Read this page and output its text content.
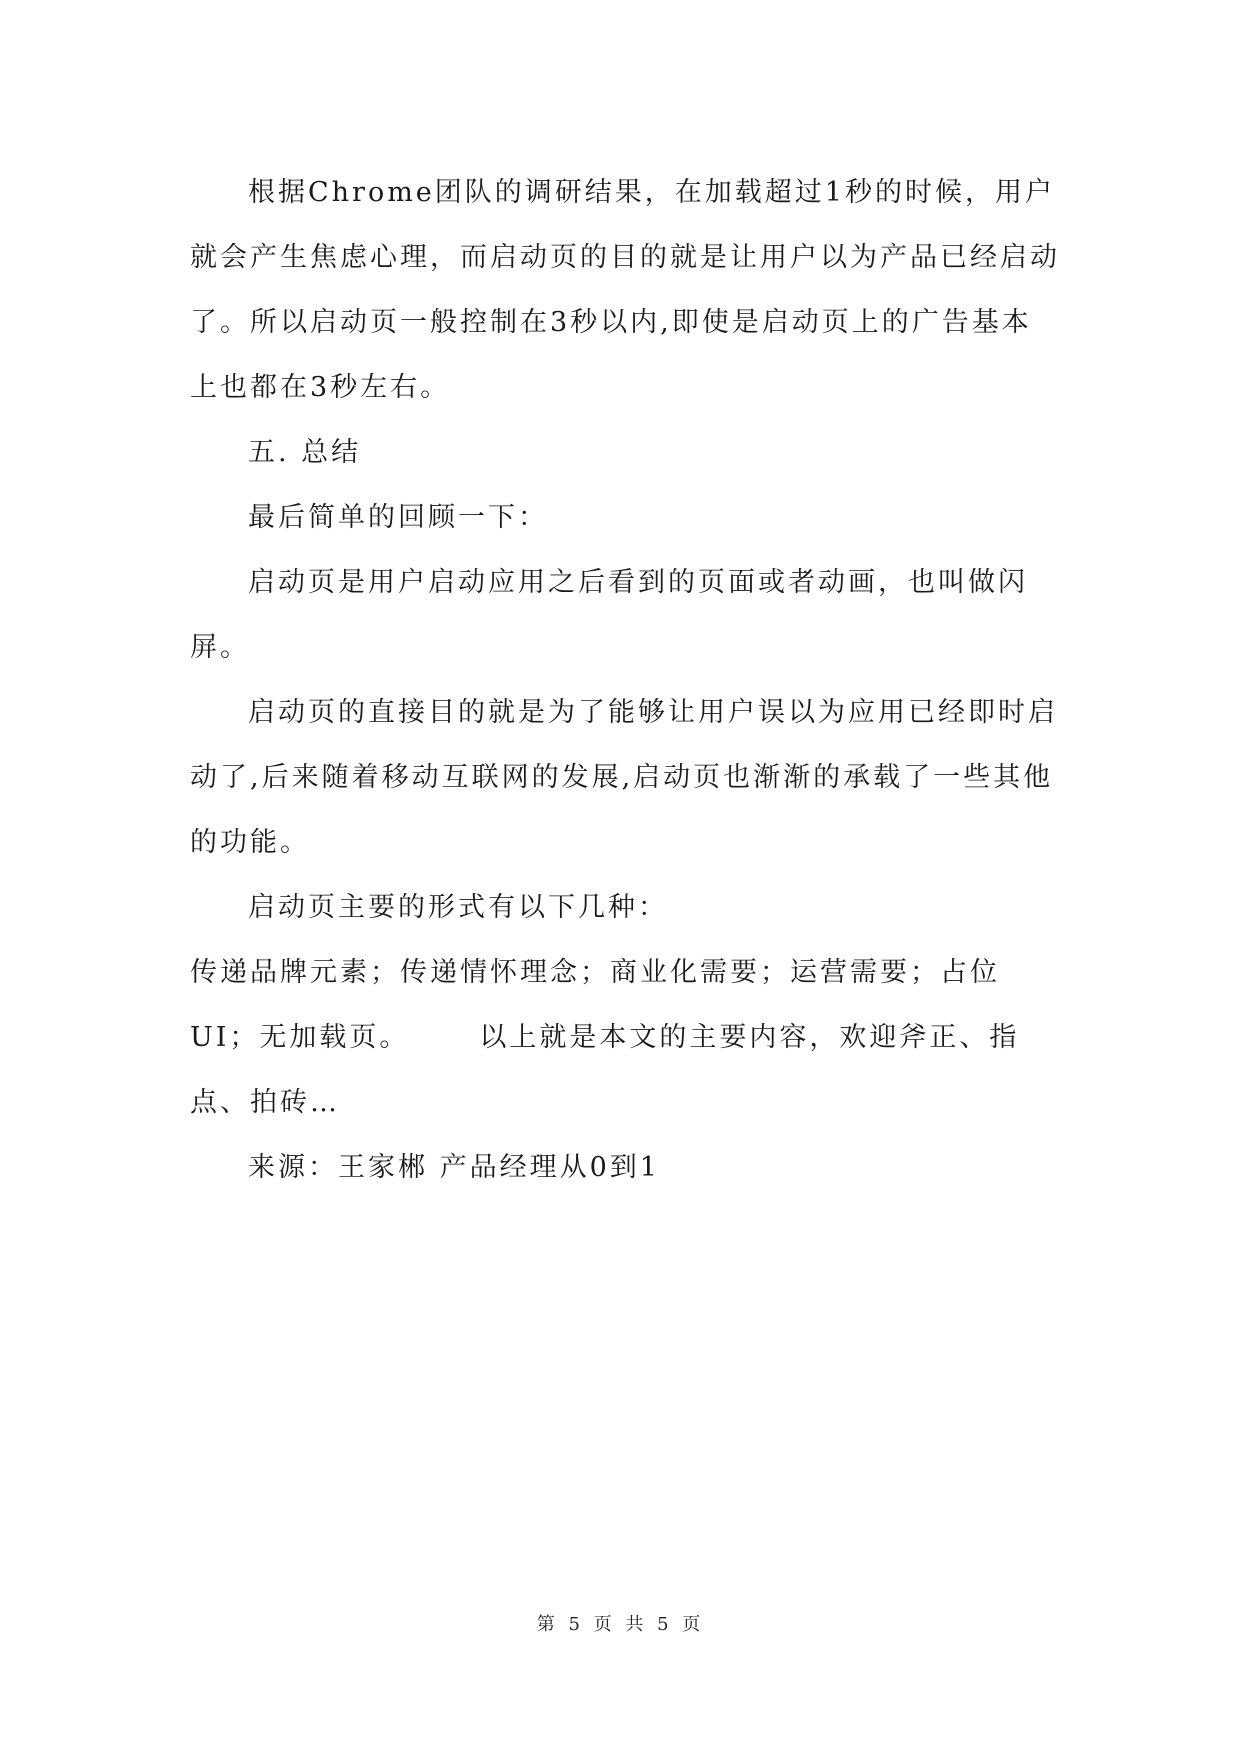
根据Chrome团队的调研结果，在加载超过1秒的时候，用户就会产生焦虑心理，而启动页的目的就是让用户以为产品已经启动了。所以启动页一般控制在3秒以内,即使是启动页上的广告基本上也都在3秒左右。

五. 总结

最后简单的回顾一下：

启动页是用户启动应用之后看到的页面或者动画，也叫做闪屏。

启动页的直接目的就是为了能够让用户误以为应用已经即时启动了,后来随着移动互联网的发展,启动页也渐渐的承载了一些其他的功能。

启动页主要的形式有以下几种：

传递品牌元素；传递情怀理念；商业化需要；运营需要；占位UI；无加载页。	以上就是本文的主要内容，欢迎斧正、指点、拍砖…

来源：王家郴 产品经理从0到1

第 5 页 共 5 页
